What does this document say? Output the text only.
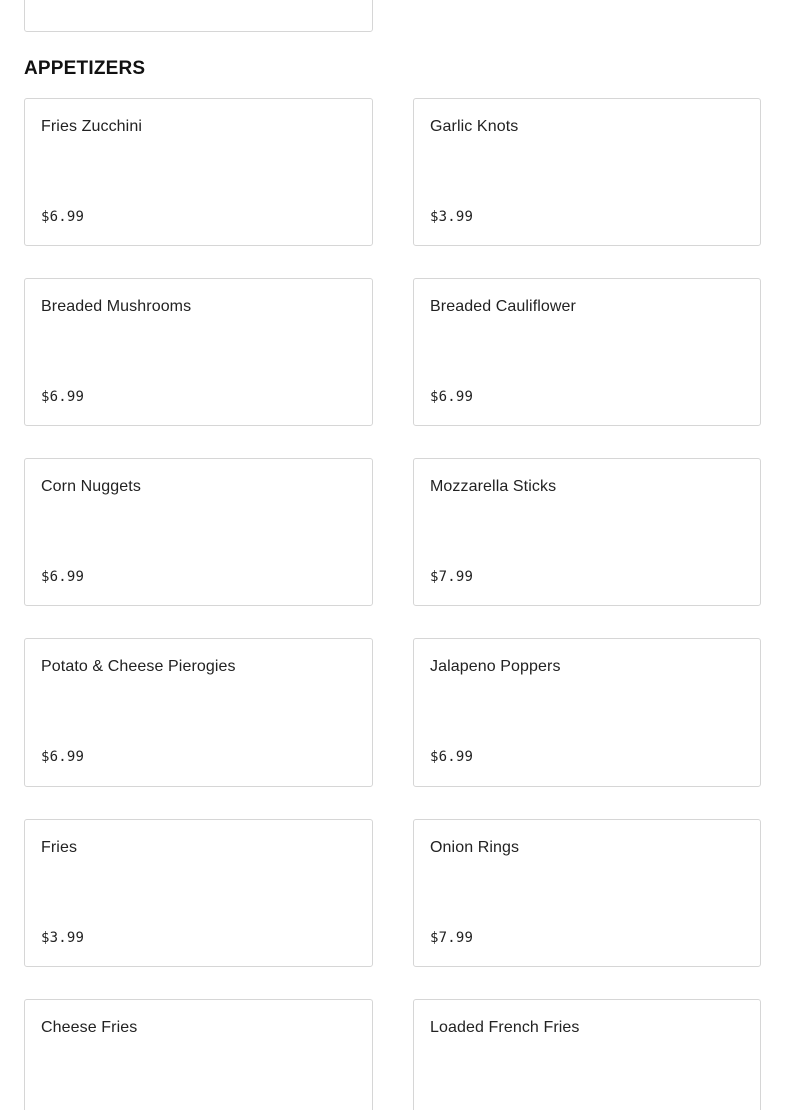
APPETIZERS
Fries Zucchini
$6.99
Garlic Knots
$3.99
Breaded Mushrooms
$6.99
Breaded Cauliflower
$6.99
Corn Nuggets
$6.99
Mozzarella Sticks
$7.99
Potato & Cheese Pierogies
$6.99
Jalapeno Poppers
$6.99
Fries
$3.99
Onion Rings
$7.99
Cheese Fries	Loaded French Fries
